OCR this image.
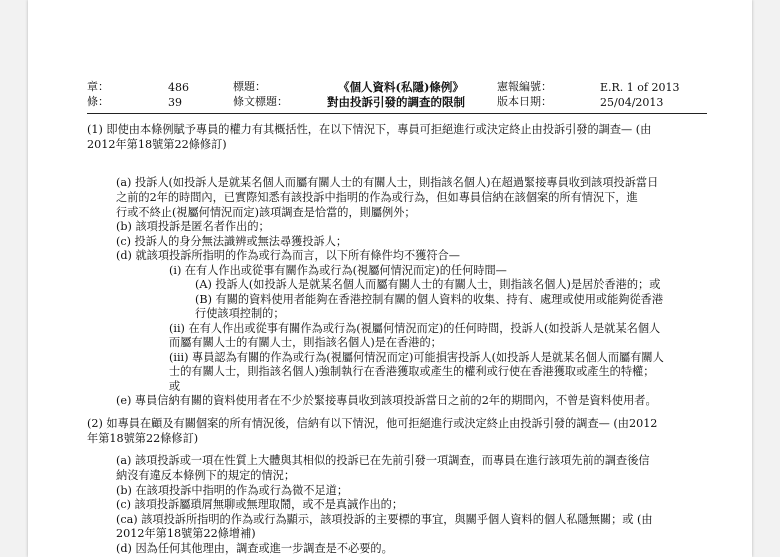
章：	486	標題：	《個人資料(私隱)條例》	憲報編號：	E.R. 1 of 2013
條：	39	條文標題：	對由投訴引發的調查的限制	版本日期：	25/04/2013
(1) 即使由本條例賦予專員的權力有其概括性，在以下情況下，專員可拒絕進行或決定終止由投訴引發的調查— (由
2012年第18號第22條修訂)
(a) 投訴人(如投訴人是就某名個人而屬有關人士的有關人士，則指該名個人)在超過緊接專員收到該項投訴當日
之前的2年的時間內，已實際知悉有該投訴中指明的作為或行為，但如專員信納在該個案的所有情況下，進
行或不終止(視屬何情況而定)該項調查是恰當的，則屬例外；
(b) 該項投訴是匿名者作出的；
(c) 投訴人的身分無法識辨或無法尋獲投訴人；
(d) 就該項投訴所指明的作為或行為而言，以下所有條件均不獲符合—
(i) 在有人作出或從事有關作為或行為(視屬何情況而定)的任何時間—
(A) 投訴人(如投訴人是就某名個人而屬有關人士的有關人士，則指該名個人)是居於香港的；或
(B) 有關的資料使用者能夠在香港控制有關的個人資料的收集、持有、處理或使用或能夠從香港
行使該項控制的；
(ii) 在有人作出或從事有關作為或行為(視屬何情況而定)的任何時間，投訴人(如投訴人是就某名個人
而屬有關人士的有關人士，則指該名個人)是在香港的；
(iii) 專員認為有關的作為或行為(視屬何情況而定)可能損害投訴人(如投訴人是就某名個人而屬有關人
士的有關人士，則指該名個人)強制執行在香港獲取或產生的權利或行使在香港獲取或產生的特權；
或
(e) 專員信納有關的資料使用者在不少於緊接專員收到該項投訴當日之前的2年的期間內，不曾是資料使用者。
(2) 如專員在顧及有關個案的所有情況後，信納有以下情況，他可拒絕進行或決定終止由投訴引發的調查— (由2012
年第18號第22條修訂)
(a) 該項投訴或一項在性質上大體與其相似的投訴已在先前引發一項調查，而專員在進行該項先前的調查後信
納沒有違反本條例下的規定的情況；
(b) 在該項投訴中指明的作為或行為微不足道；
(c) 該項投訴屬瑣屑無聊或無理取鬧，或不是真誠作出的；
(ca) 該項投訴所指明的作為或行為顯示，該項投訴的主要標的事宜，與關乎個人資料的個人私隱無關；或 (由
2012年第18號第22條增補)
(d) 因為任何其他理由，調查或進一步調查是不必要的。
